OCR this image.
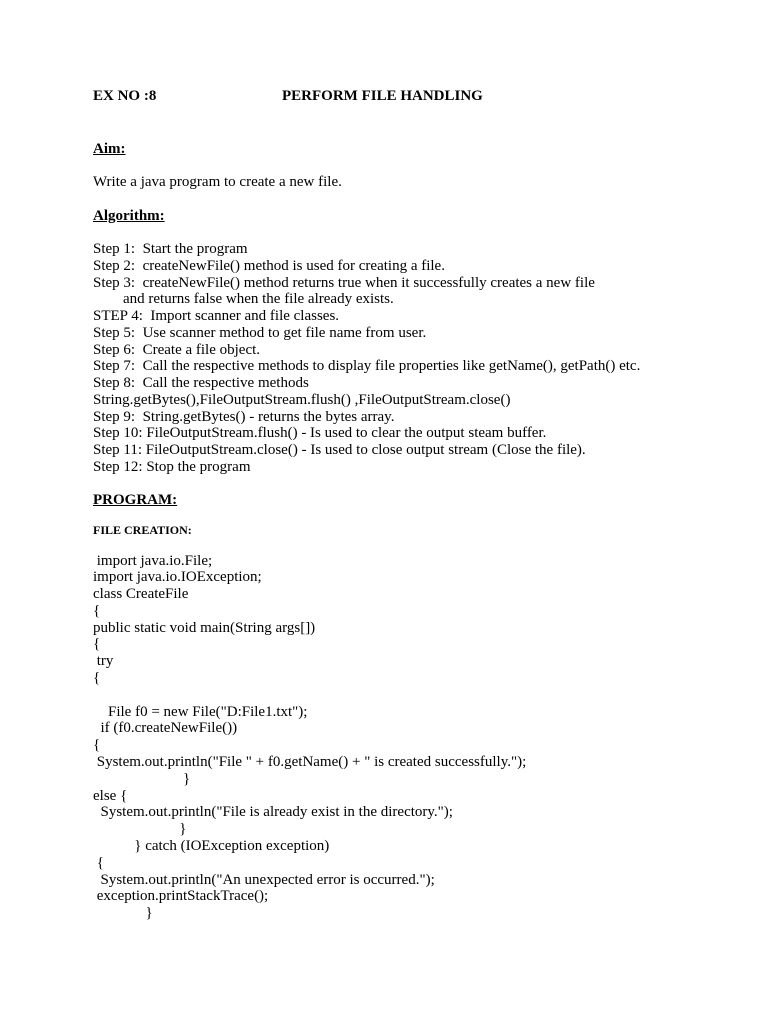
EX NO :8	PERFORM FILE HANDLING
Aim:
Write a java program to create a new file.
Algorithm:
Step 1:  Start the program
Step 2:  createNewFile() method is used for creating a file.
Step 3:  createNewFile() method returns true when it successfully creates a new file
and returns false when the file already exists.
STEP 4:  Import scanner and file classes.
Step 5:  Use scanner method to get file name from user.
Step 6:  Create a file object.
Step 7:  Call the respective methods to display file properties like getName(), getPath() etc.
Step 8:  Call the respective methods
String.getBytes(),FileOutputStream.flush() ,FileOutputStream.close()
Step 9:  String.getBytes() - returns the bytes array.
Step 10: FileOutputStream.flush() - Is used to clear the output steam buffer.
Step 11: FileOutputStream.close() - Is used to close output stream (Close the file).
Step 12: Stop the program
PROGRAM:
FILE CREATION:
import java.io.File;
import java.io.IOException;
class CreateFile
{
public static void main(String args[])
{
try
{

File f0 = new File("D:File1.txt");
if (f0.createNewFile())
{
System.out.println("File " + f0.getName() + " is created successfully.");
}
else {
System.out.println("File is already exist in the directory.");
}
} catch (IOException exception)
{
System.out.println("An unexpected error is occurred.");
exception.printStackTrace();
}
